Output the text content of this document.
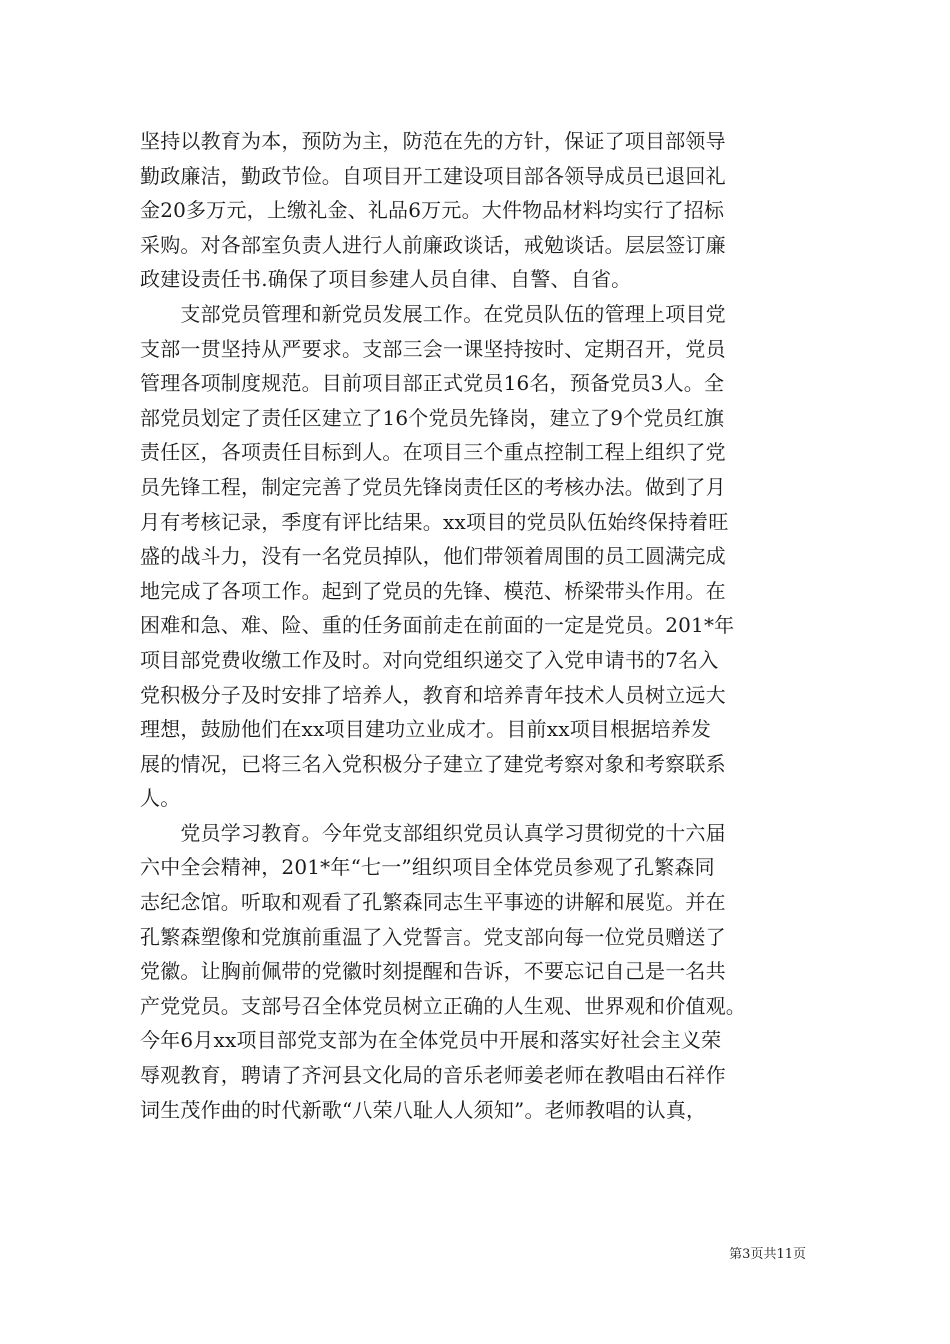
坚持以教育为本，预防为主，防范在先的方针，保证了项目部领导
勤政廉洁，勤政节俭。自项目开工建设项目部各领导成员已退回礼
金20多万元，上缴礼金、礼品6万元。大件物品材料均实行了招标
采购。对各部室负责人进行人前廉政谈话，戒勉谈话。层层签订廉
政建设责任书.确保了项目参建人员自律、自警、自省。
　　支部党员管理和新党员发展工作。在党员队伍的管理上项目党
支部一贯坚持从严要求。支部三会一课坚持按时、定期召开，党员
管理各项制度规范。目前项目部正式党员16名，预备党员3人。全
部党员划定了责任区建立了16个党员先锋岗，建立了9个党员红旗
责任区，各项责任目标到人。在项目三个重点控制工程上组织了党
员先锋工程，制定完善了党员先锋岗责任区的考核办法。做到了月
月有考核记录，季度有评比结果。xx项目的党员队伍始终保持着旺
盛的战斗力，没有一名党员掉队，他们带领着周围的员工圆满完成
地完成了各项工作。起到了党员的先锋、模范、桥梁带头作用。在
困难和急、难、险、重的任务面前走在前面的一定是党员。201*年
项目部党费收缴工作及时。对向党组织递交了入党申请书的7名入
党积极分子及时安排了培养人，教育和培养青年技术人员树立远大
理想，鼓励他们在xx项目建功立业成才。目前xx项目根据培养发
展的情况，已将三名入党积极分子建立了建党考察对象和考察联系
人。
　　党员学习教育。今年党支部组织党员认真学习贯彻党的十六届
六中全会精神，201*年“七一”组织项目全体党员参观了孔繁森同
志纪念馆。听取和观看了孔繁森同志生平事迹的讲解和展览。并在
孔繁森塑像和党旗前重温了入党誓言。党支部向每一位党员赠送了
党徽。让胸前佩带的党徽时刻提醒和告诉，不要忘记自己是一名共
产党党员。支部号召全体党员树立正确的人生观、世界观和价值观。
今年6月xx项目部党支部为在全体党员中开展和落实好社会主义荣
辱观教育，聘请了齐河县文化局的音乐老师姜老师在教唱由石祥作
词生茂作曲的时代新歌“八荣八耻人人须知”。老师教唱的认真，
第3页共11页
